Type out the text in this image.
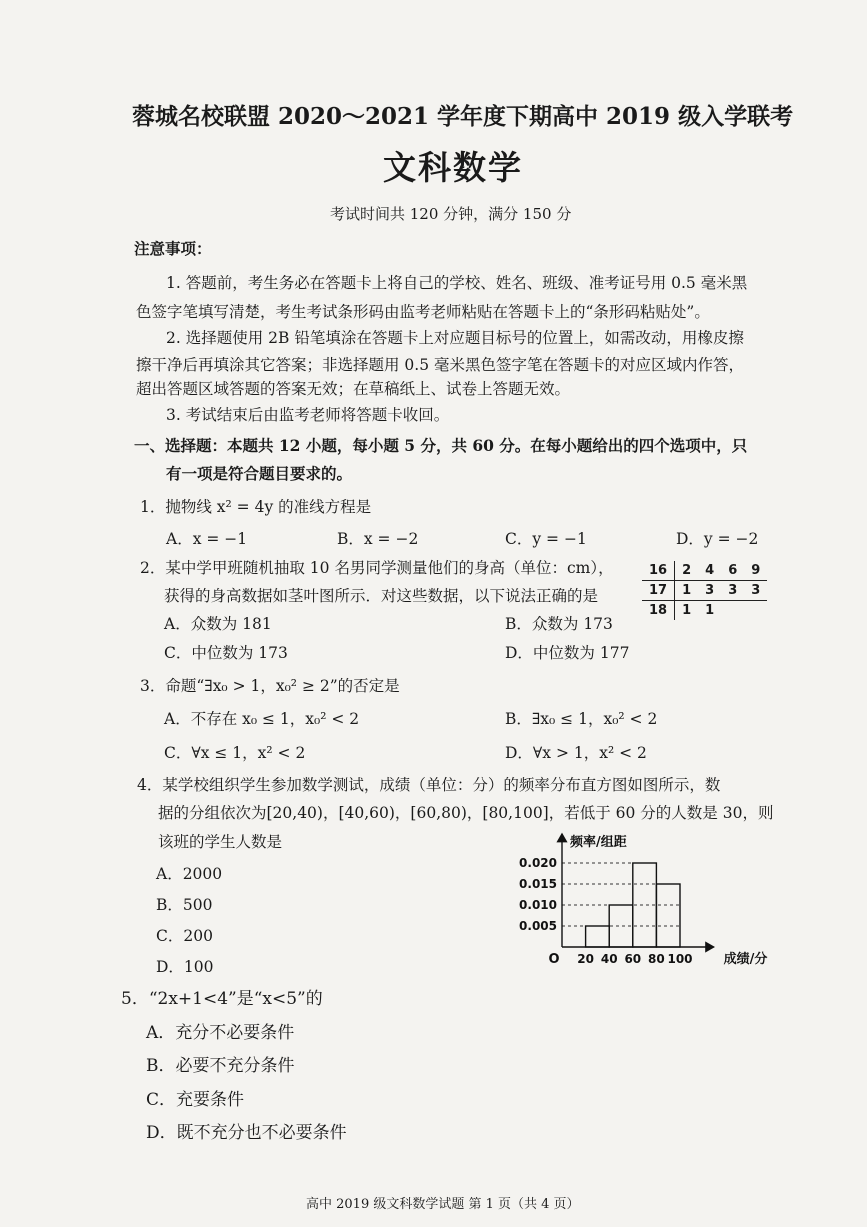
蓉城名校联盟 2020～2021 学年度下期高中 2019 级入学联考
文科数学
考试时间共 120 分钟，满分 150 分
注意事项：
1. 答题前，考生务必在答题卡上将自己的学校、姓名、班级、准考证号用 0.5 毫米黑
色签字笔填写清楚，考生考试条形码由监考老师粘贴在答题卡上的“条形码粘贴处”。
2. 选择题使用 2B 铅笔填涂在答题卡上对应题目标号的位置上，如需改动，用橡皮擦
擦干净后再填涂其它答案；非选择题用 0.5 毫米黑色签字笔在答题卡的对应区域内作答，
超出答题区域答题的答案无效；在草稿纸上、试卷上答题无效。
3. 考试结束后由监考老师将答题卡收回。
一、选择题：本题共 12 小题，每小题 5 分，共 60 分。在每小题给出的四个选项中，只
有一项是符合题目要求的。
1．抛物线 x² = 4y 的准线方程是
A．x = −1	B．x = −2	C．y = −1	D．y = −2
2．某中学甲班随机抽取 10 名男同学测量他们的身高（单位：cm），
获得的身高数据如茎叶图所示．对这些数据，以下说法正确的是
A．众数为 181	B．众数为 173
C．中位数为 173	D．中位数为 177
16	2	4	6	9
17	1	3	3	3
18	1	1		
3．命题“∃x₀ > 1，x₀² ≥ 2”的否定是
A．不存在 x₀ ≤ 1，x₀² < 2	B．∃x₀ ≤ 1，x₀² < 2
C．∀x ≤ 1，x² < 2	D．∀x > 1，x² < 2
4．某学校组织学生参加数学测试，成绩（单位：分）的频率分布直方图如图所示，数
据的分组依次为[20,40)，[40,60)，[60,80)，[80,100]，若低于 60 分的人数是 30，则
该班的学生人数是
A．2000
B．500
C．200
D．100
0.005
0.010
0.015
0.020
20 40 60 80 100
O
频率/组距
成绩/分
5．“2x+1<4”是“x<5”的
A．充分不必要条件
B．必要不充分条件
C．充要条件
D．既不充分也不必要条件
高中 2019 级文科数学试题 第 1 页（共 4 页）
